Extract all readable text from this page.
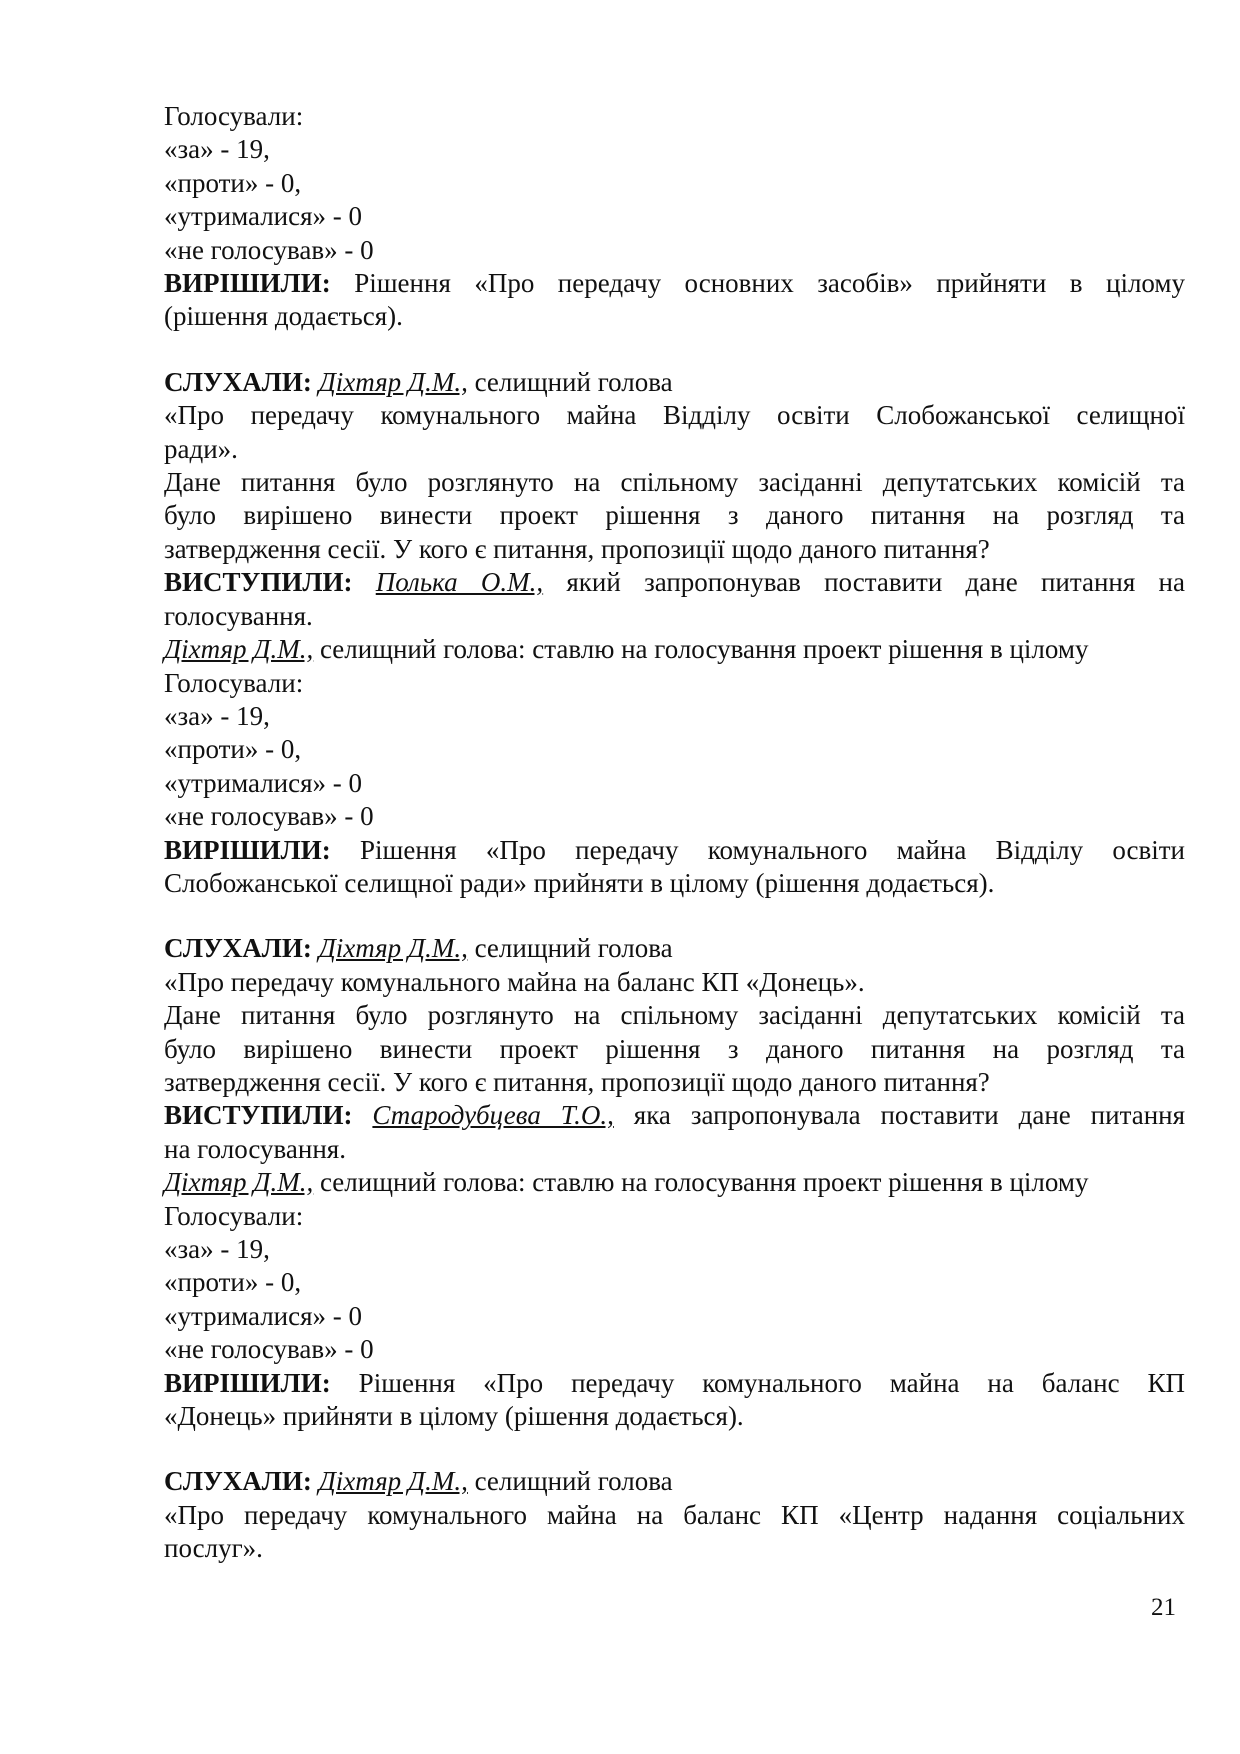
Голосували:
«за» - 19,
«проти» - 0,
«утрималися» - 0
«не голосував» - 0
ВИРІШИЛИ: Рішення «Про передачу основних засобів» прийняти в цілому
(рішення додається).
СЛУХАЛИ: Діхтяр Д.М., селищний голова
«Про передачу комунального майна Відділу освіти Слобожанської селищної
ради».
Дане питання було розглянуто на спільному засіданні депутатських комісій та
було вирішено винести проект рішення з даного питання на розгляд та
затвердження сесії. У кого є питання, пропозиції щодо даного питання?
ВИСТУПИЛИ: Полька О.М., який запропонував поставити дане питання на
голосування.
Діхтяр Д.М., селищний голова: ставлю на голосування проект рішення в цілому
Голосували:
«за» - 19,
«проти» - 0,
«утрималися» - 0
«не голосував» - 0
ВИРІШИЛИ: Рішення «Про передачу комунального майна Відділу освіти
Слобожанської селищної ради» прийняти в цілому (рішення додається).
СЛУХАЛИ: Діхтяр Д.М., селищний голова
«Про передачу комунального майна на баланс КП «Донець».
Дане питання було розглянуто на спільному засіданні депутатських комісій та
було вирішено винести проект рішення з даного питання на розгляд та
затвердження сесії. У кого є питання, пропозиції щодо даного питання?
ВИСТУПИЛИ: Стародубцева Т.О., яка запропонувала поставити дане питання
на голосування.
Діхтяр Д.М., селищний голова: ставлю на голосування проект рішення в цілому
Голосували:
«за» - 19,
«проти» - 0,
«утрималися» - 0
«не голосував» - 0
ВИРІШИЛИ: Рішення «Про передачу комунального майна на баланс КП
«Донець» прийняти в цілому (рішення додається).
СЛУХАЛИ: Діхтяр Д.М., селищний голова
«Про передачу комунального майна на баланс КП «Центр надання соціальних
послуг».
21
